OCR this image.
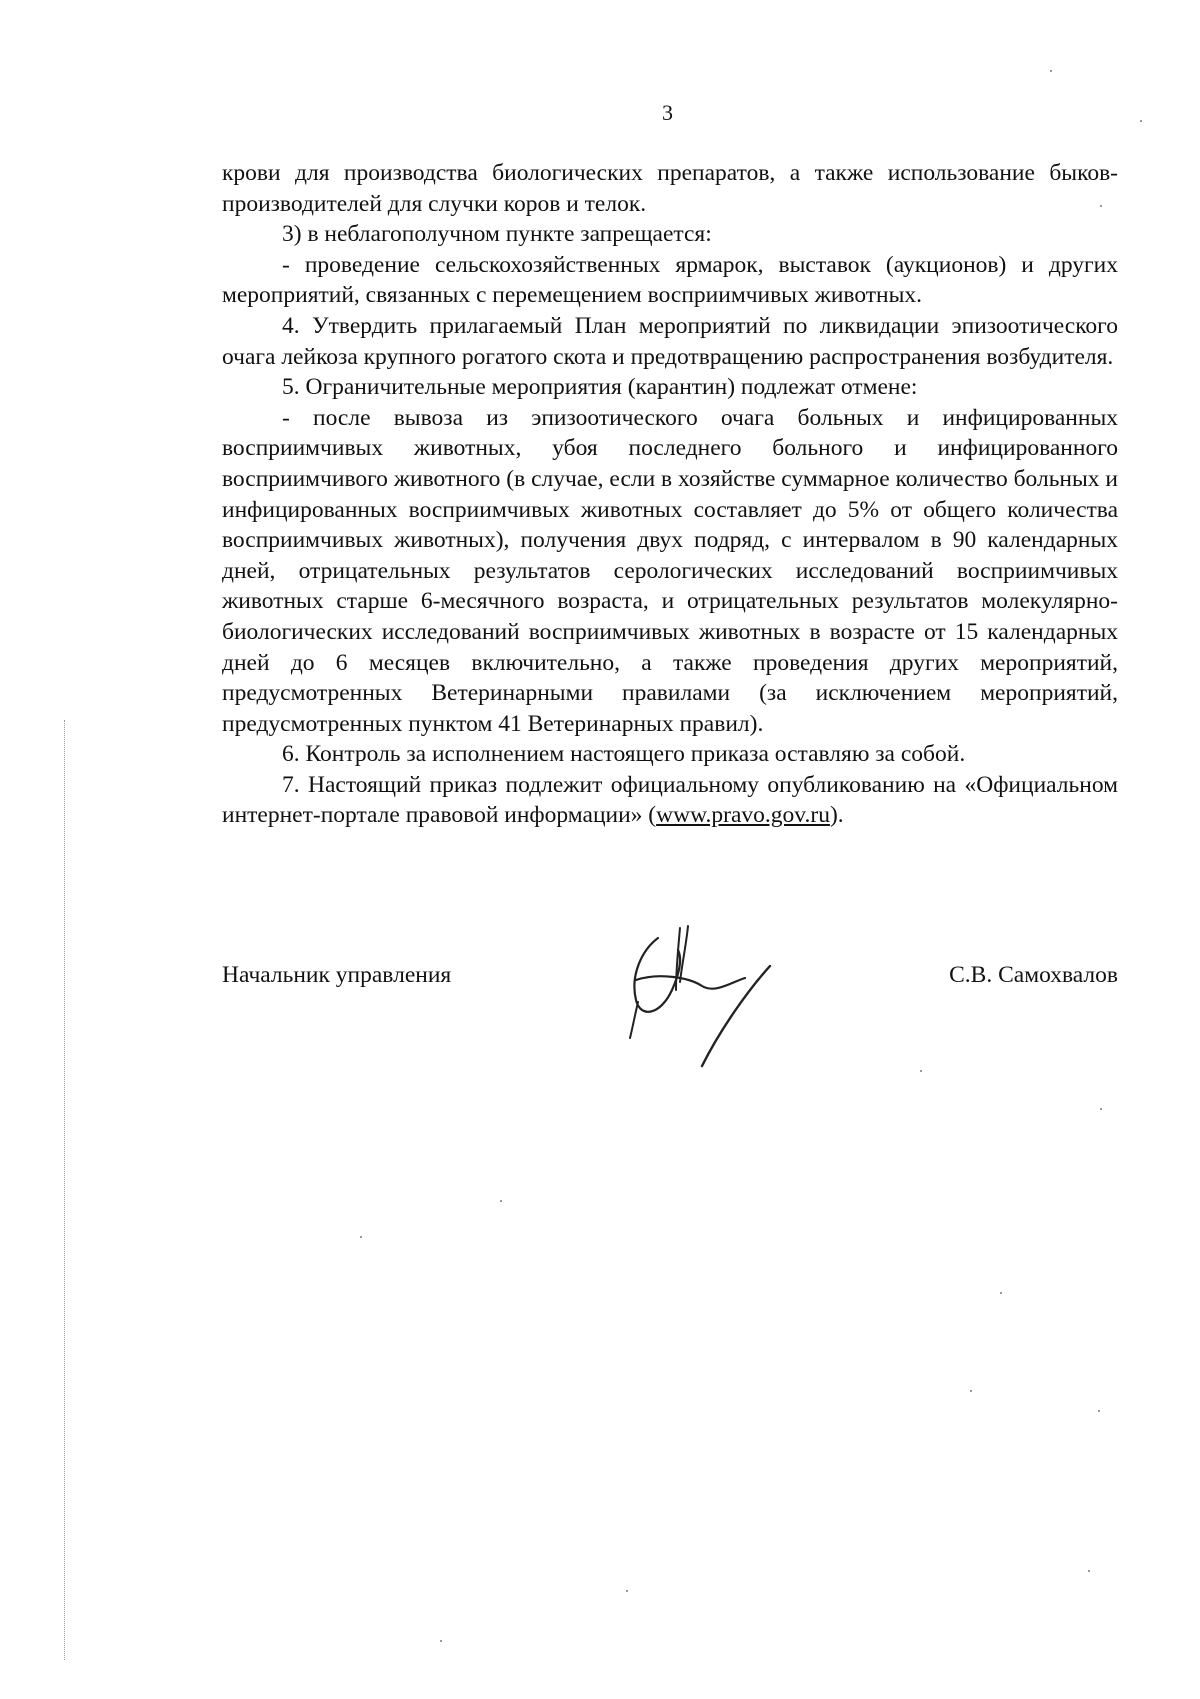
3

крови для производства биологических препаратов, а также использование быков-производителей для случки коров и телок.

3) в неблагополучном пункте запрещается:

- проведение сельскохозяйственных ярмарок, выставок (аукционов) и других мероприятий, связанных с перемещением восприимчивых животных.

4. Утвердить прилагаемый План мероприятий по ликвидации эпизоотического очага лейкоза крупного рогатого скота и предотвращению распространения возбудителя.

5. Ограничительные мероприятия (карантин) подлежат отмене:

- после вывоза из эпизоотического очага больных и инфицированных восприимчивых животных, убоя последнего больного и инфицированного восприимчивого животного (в случае, если в хозяйстве суммарное количество больных и инфицированных восприимчивых животных составляет до 5% от общего количества восприимчивых животных), получения двух подряд, с интервалом в 90 календарных дней, отрицательных результатов серологических исследований восприимчивых животных старше 6-месячного возраста, и отрицательных результатов молекулярно-биологических исследований восприимчивых животных в возрасте от 15 календарных дней до 6 месяцев включительно, а также проведения других мероприятий, предусмотренных Ветеринарными правилами (за исключением мероприятий, предусмотренных пунктом 41 Ветеринарных правил).

6. Контроль за исполнением настоящего приказа оставляю за собой.

7. Настоящий приказ подлежит официальному опубликованию на «Официальном интернет-портале правовой информации» (www.pravo.gov.ru).

Начальник управления	С.В. Самохвалов
